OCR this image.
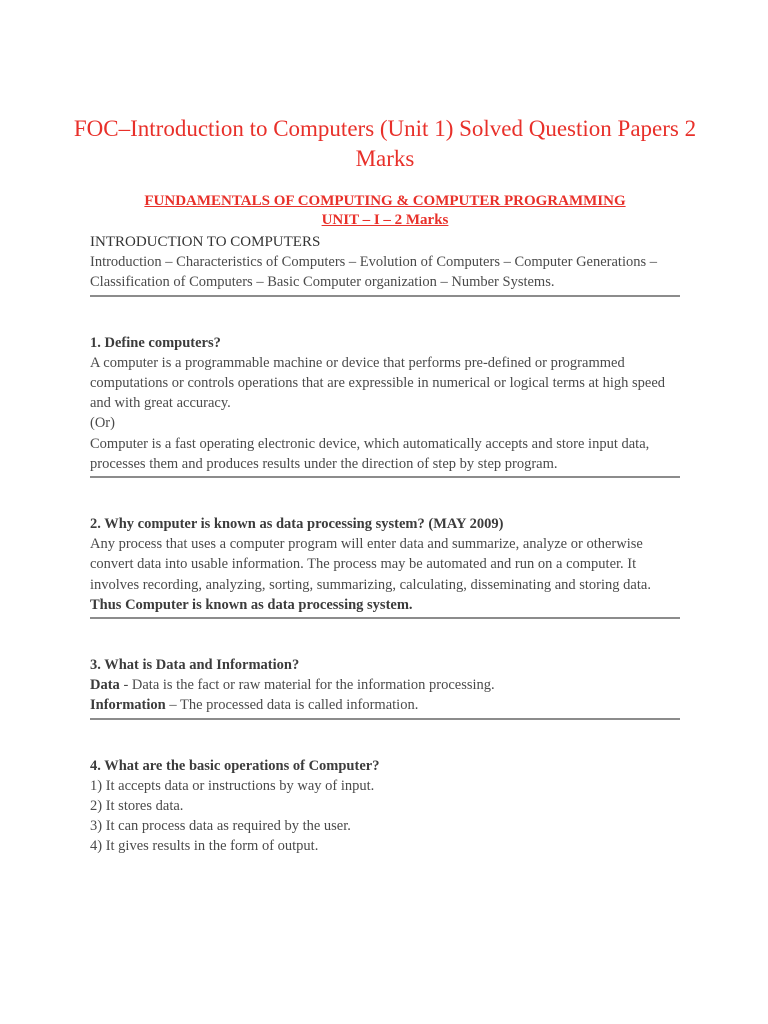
FOC–Introduction to Computers (Unit 1) Solved Question Papers 2 Marks
FUNDAMENTALS OF COMPUTING & COMPUTER PROGRAMMING
UNIT – I – 2 Marks

INTRODUCTION TO COMPUTERS

Introduction – Characteristics of Computers – Evolution of Computers – Computer Generations – Classification of Computers – Basic Computer organization – Number Systems.

1. Define computers?

A computer is a programmable machine or device that performs pre-defined or programmed computations or controls operations that are expressible in numerical or logical terms at high speed and with great accuracy.

(Or)

Computer is a fast operating electronic device, which automatically accepts and store input data, processes them and produces results under the direction of step by step program.

2. Why computer is known as data processing system? (MAY 2009)

Any process that uses a computer program will enter data and summarize, analyze or otherwise convert data into usable information. The process may be automated and run on a computer. It involves recording, analyzing, sorting, summarizing, calculating, disseminating and storing data. Thus Computer is known as data processing system.

3. What is Data and Information?

Data - Data is the fact or raw material for the information processing.

Information – The processed data is called information.

4. What are the basic operations of Computer?

1) It accepts data or instructions by way of input.

2) It stores data.

3) It can process data as required by the user.

4) It gives results in the form of output.
